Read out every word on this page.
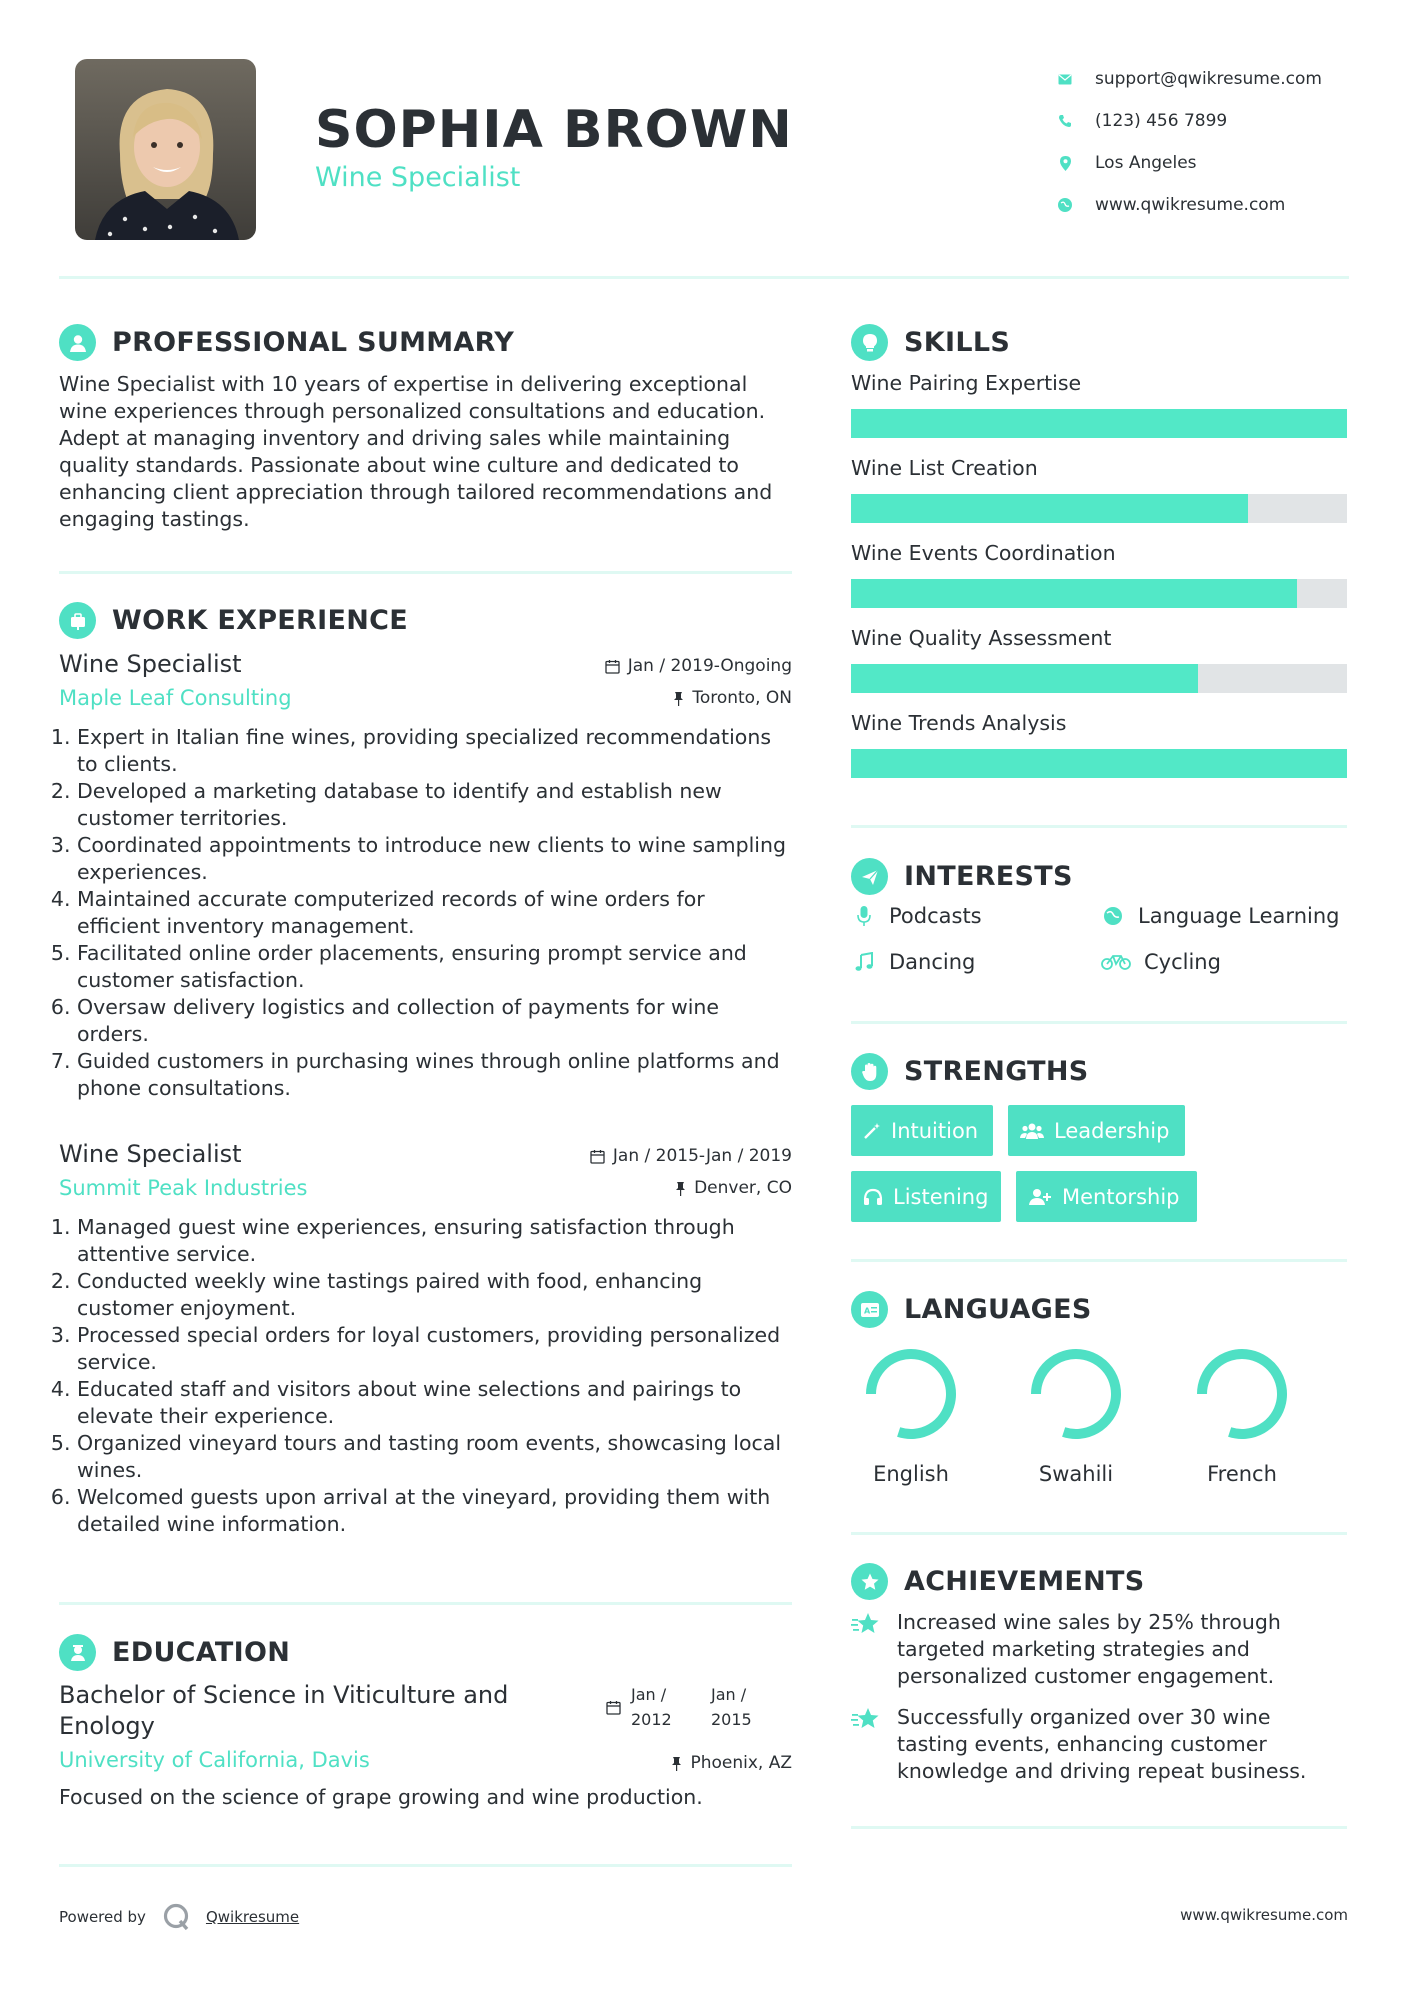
SOPHIA BROWN
Wine Specialist
support@qwikresume.com
(123) 456 7899
Los Angeles
www.qwikresume.com
PROFESSIONAL SUMMARY
Wine Specialist with 10 years of expertise in delivering exceptional wine experiences through personalized consultations and education. Adept at managing inventory and driving sales while maintaining quality standards. Passionate about wine culture and dedicated to enhancing client appreciation through tailored recommendations and engaging tastings.
WORK EXPERIENCE
Wine Specialist
Maple Leaf Consulting
Jan / 2019-Ongoing
Toronto, ON
1. Expert in Italian fine wines, providing specialized recommendations to clients.
2. Developed a marketing database to identify and establish new customer territories.
3. Coordinated appointments to introduce new clients to wine sampling experiences.
4. Maintained accurate computerized records of wine orders for efficient inventory management.
5. Facilitated online order placements, ensuring prompt service and customer satisfaction.
6. Oversaw delivery logistics and collection of payments for wine orders.
7. Guided customers in purchasing wines through online platforms and phone consultations.
Wine Specialist
Summit Peak Industries
Jan / 2015-Jan / 2019
Denver, CO
1. Managed guest wine experiences, ensuring satisfaction through attentive service.
2. Conducted weekly wine tastings paired with food, enhancing customer enjoyment.
3. Processed special orders for loyal customers, providing personalized service.
4. Educated staff and visitors about wine selections and pairings to elevate their experience.
5. Organized vineyard tours and tasting room events, showcasing local wines.
6. Welcomed guests upon arrival at the vineyard, providing them with detailed wine information.
EDUCATION
Bachelor of Science in Viticulture and Enology
University of California, Davis
Jan / 2012
Jan / 2015
Phoenix, AZ
Focused on the science of grape growing and wine production.
SKILLS
Wine Pairing Expertise
Wine List Creation
Wine Events Coordination
Wine Quality Assessment
Wine Trends Analysis
INTERESTS
Podcasts	Language Learning
Dancing	Cycling
STRENGTHS
Intuition	Leadership
Listening	Mentorship
A LANGUAGES
English	Swahili	French
ACHIEVEMENTS
Increased wine sales by 25% through targeted marketing strategies and personalized customer engagement.
Successfully organized over 30 wine tasting events, enhancing customer knowledge and driving repeat business.
Powered by	Qwikresume	www.qwikresume.com
